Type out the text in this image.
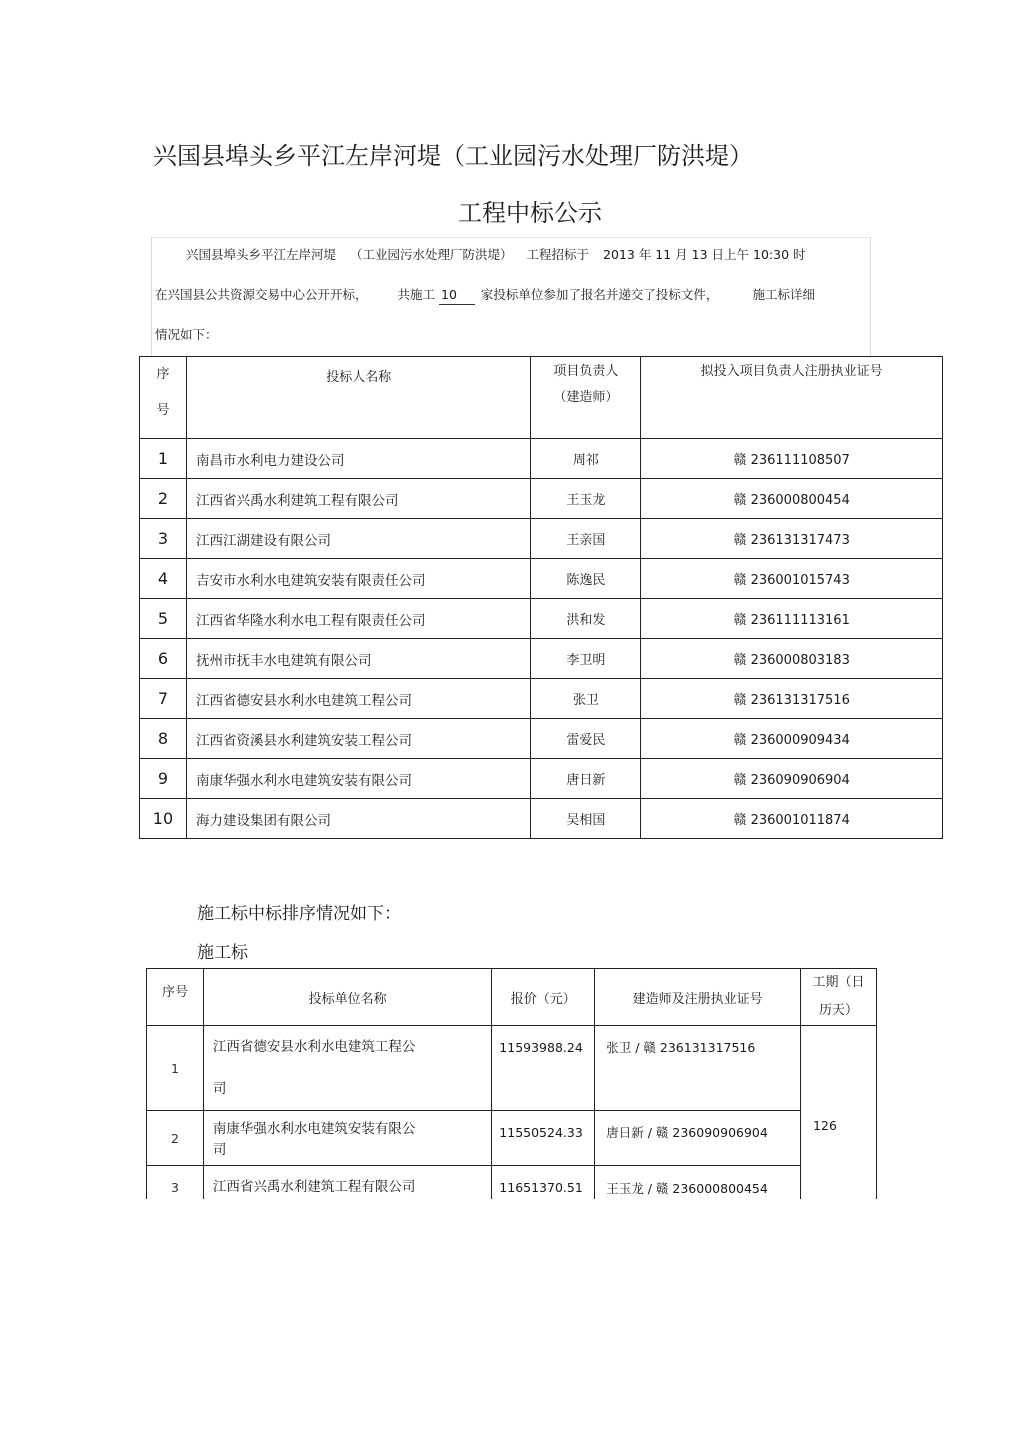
兴国县埠头乡平江左岸河堤（工业园污水处理厂防洪堤）
工程中标公示
兴国县埠头乡平江左岸河堤 （工业园污水处理厂防洪堤） 工程招标于 2013 年 11 月 13 日上午 10:30 时
在兴国县公共资源交易中心公开开标， 共施工 10 家投标单位参加了报名并递交了投标文件，	施工标详细
情况如下：
序
号	投标人名称	项目负责人
（建造师）	拟投入项目负责人注册执业证号
1	南昌市水利电力建设公司	周祁	赣 236111108507
2	江西省兴禹水利建筑工程有限公司	王玉龙	赣 236000800454
3	江西江湖建设有限公司	王亲国	赣 236131317473
4	吉安市水利水电建筑安装有限责任公司	陈逸民	赣 236001015743
5	江西省华隆水利水电工程有限责任公司	洪和发	赣 236111113161
6	抚州市抚丰水电建筑有限公司	李卫明	赣 236000803183
7	江西省德安县水利水电建筑工程公司	张卫	赣 236131317516
8	江西省资溪县水利建筑安装工程公司	雷爱民	赣 236000909434
9	南康华强水利水电建筑安装有限公司	唐日新	赣 236090906904
10	海力建设集团有限公司	吴相国	赣 236001011874
施工标中标排序情况如下：
施工标
序号	投标单位名称	报价（元）	建造师及注册执业证号	工期（日
历天）
1	江西省德安县水利水电建筑工程公
司	11593988.24	张卫 / 赣 236131317516	126
2	南康华强水利水电建筑安装有限公
司	11550524.33	唐日新 / 赣 236090906904	
3	江西省兴禹水利建筑工程有限公司	11651370.51	王玉龙 / 赣 236000800454	
